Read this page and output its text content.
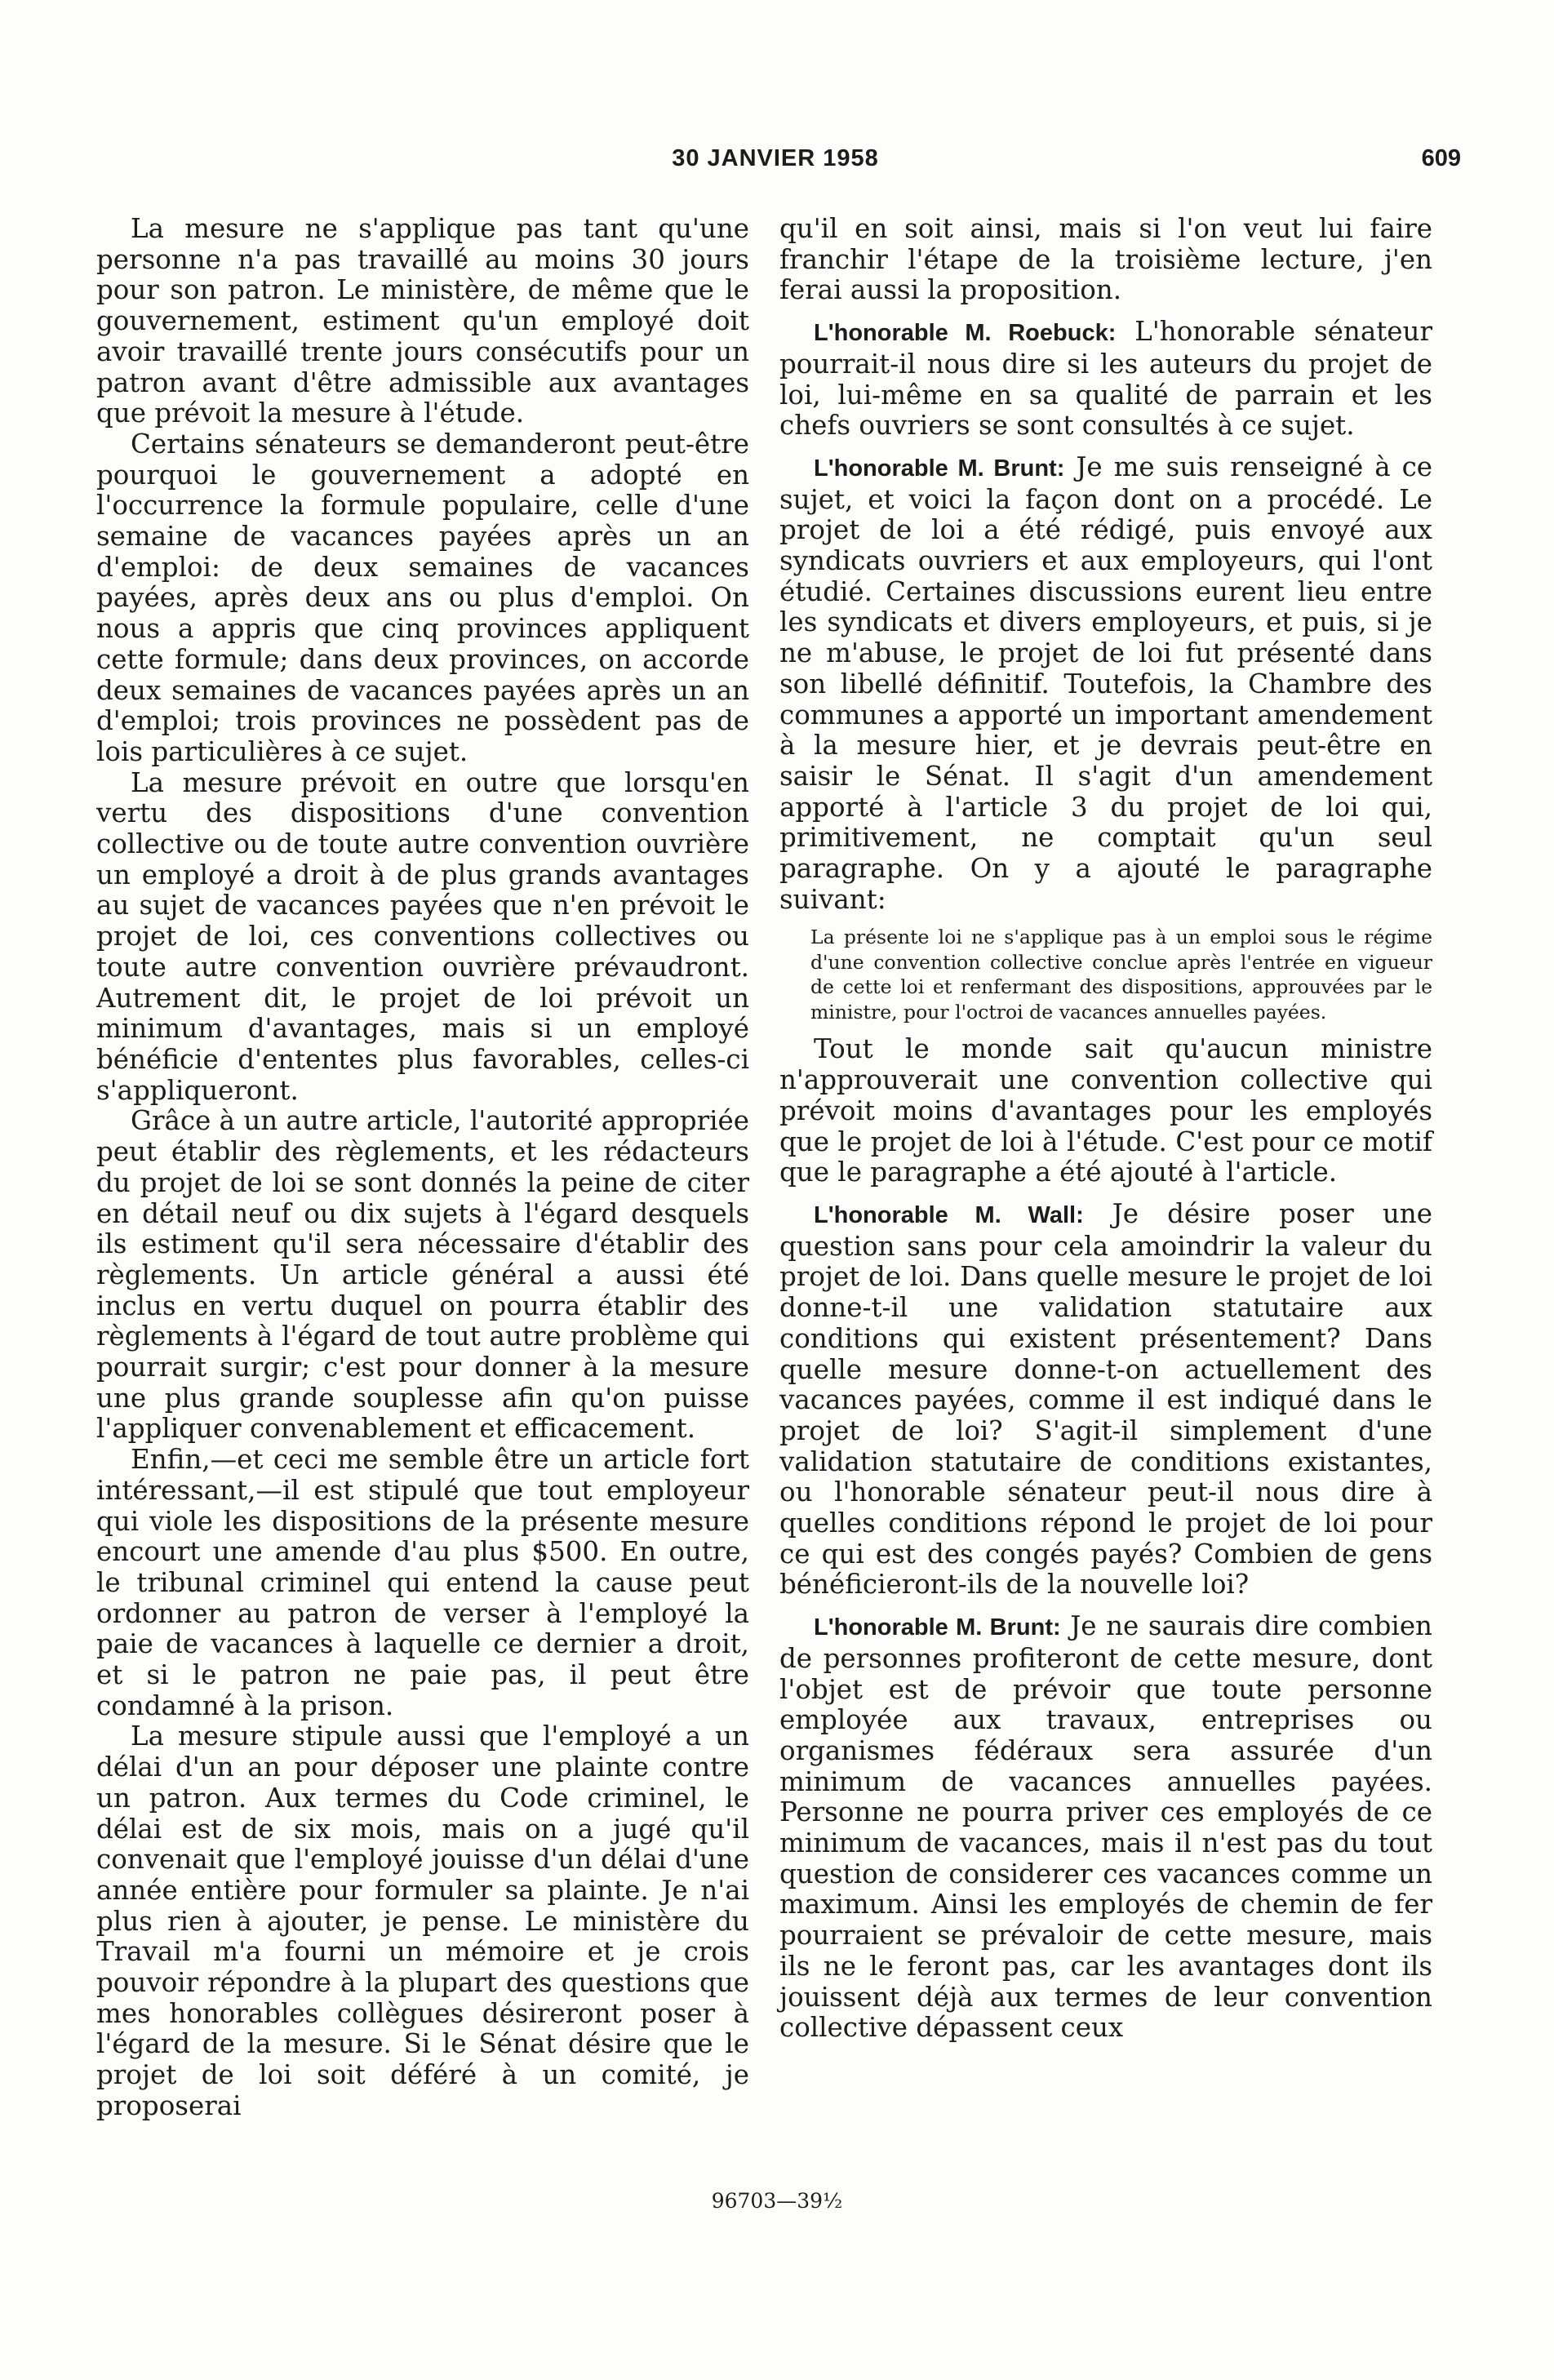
30 JANVIER 1958	609

La mesure ne s'applique pas tant qu'une personne n'a pas travaillé au moins 30 jours pour son patron. Le ministère, de même que le gouvernement, estiment qu'un employé doit avoir travaillé trente jours consécutifs pour un patron avant d'être admissible aux avantages que prévoit la mesure à l'étude.

Certains sénateurs se demanderont peut-être pourquoi le gouvernement a adopté en l'occurrence la formule populaire, celle d'une semaine de vacances payées après un an d'emploi: de deux semaines de vacances payées, après deux ans ou plus d'emploi. On nous a appris que cinq provinces appliquent cette formule; dans deux provinces, on accorde deux semaines de vacances payées après un an d'emploi; trois provinces ne possèdent pas de lois particulières à ce sujet.

La mesure prévoit en outre que lorsqu'en vertu des dispositions d'une convention collective ou de toute autre convention ouvrière un employé a droit à de plus grands avantages au sujet de vacances payées que n'en prévoit le projet de loi, ces conventions collectives ou toute autre convention ouvrière prévaudront. Autrement dit, le projet de loi prévoit un minimum d'avantages, mais si un employé bénéficie d'ententes plus favorables, celles-ci s'appliqueront.

Grâce à un autre article, l'autorité appropriée peut établir des règlements, et les rédacteurs du projet de loi se sont donnés la peine de citer en détail neuf ou dix sujets à l'égard desquels ils estiment qu'il sera nécessaire d'établir des règlements. Un article général a aussi été inclus en vertu duquel on pourra établir des règlements à l'égard de tout autre problème qui pourrait surgir; c'est pour donner à la mesure une plus grande souplesse afin qu'on puisse l'appliquer convenablement et efficacement.

Enfin,—et ceci me semble être un article fort intéressant,—il est stipulé que tout employeur qui viole les dispositions de la présente mesure encourt une amende d'au plus $500. En outre, le tribunal criminel qui entend la cause peut ordonner au patron de verser à l'employé la paie de vacances à laquelle ce dernier a droit, et si le patron ne paie pas, il peut être condamné à la prison.

La mesure stipule aussi que l'employé a un délai d'un an pour déposer une plainte contre un patron. Aux termes du Code criminel, le délai est de six mois, mais on a jugé qu'il convenait que l'employé jouisse d'un délai d'une année entière pour formuler sa plainte. Je n'ai plus rien à ajouter, je pense. Le ministère du Travail m'a fourni un mémoire et je crois pouvoir répondre à la plupart des questions que mes honorables collègues désireront poser à l'égard de la mesure. Si le Sénat désire que le projet de loi soit déféré à un comité, je proposerai

qu'il en soit ainsi, mais si l'on veut lui faire franchir l'étape de la troisième lecture, j'en ferai aussi la proposition.

L'honorable M. Roebuck: L'honorable sénateur pourrait-il nous dire si les auteurs du projet de loi, lui-même en sa qualité de parrain et les chefs ouvriers se sont consultés à ce sujet.

L'honorable M. Brunt: Je me suis renseigné à ce sujet, et voici la façon dont on a procédé. Le projet de loi a été rédigé, puis envoyé aux syndicats ouvriers et aux employeurs, qui l'ont étudié. Certaines discussions eurent lieu entre les syndicats et divers employeurs, et puis, si je ne m'abuse, le projet de loi fut présenté dans son libellé définitif. Toutefois, la Chambre des communes a apporté un important amendement à la mesure hier, et je devrais peut-être en saisir le Sénat. Il s'agit d'un amendement apporté à l'article 3 du projet de loi qui, primitivement, ne comptait qu'un seul paragraphe. On y a ajouté le paragraphe suivant:

La présente loi ne s'applique pas à un emploi sous le régime d'une convention collective conclue après l'entrée en vigueur de cette loi et renfermant des dispositions, approuvées par le ministre, pour l'octroi de vacances annuelles payées.

Tout le monde sait qu'aucun ministre n'approuverait une convention collective qui prévoit moins d'avantages pour les employés que le projet de loi à l'étude. C'est pour ce motif que le paragraphe a été ajouté à l'article.

L'honorable M. Wall: Je désire poser une question sans pour cela amoindrir la valeur du projet de loi. Dans quelle mesure le projet de loi donne-t-il une validation statutaire aux conditions qui existent présentement? Dans quelle mesure donne-t-on actuellement des vacances payées, comme il est indiqué dans le projet de loi? S'agit-il simplement d'une validation statutaire de conditions existantes, ou l'honorable sénateur peut-il nous dire à quelles conditions répond le projet de loi pour ce qui est des congés payés? Combien de gens bénéficieront-ils de la nouvelle loi?

L'honorable M. Brunt: Je ne saurais dire combien de personnes profiteront de cette mesure, dont l'objet est de prévoir que toute personne employée aux travaux, entreprises ou organismes fédéraux sera assurée d'un minimum de vacances annuelles payées. Personne ne pourra priver ces employés de ce minimum de vacances, mais il n'est pas du tout question de considerer ces vacances comme un maximum. Ainsi les employés de chemin de fer pourraient se prévaloir de cette mesure, mais ils ne le feront pas, car les avantages dont ils jouissent déjà aux termes de leur convention collective dépassent ceux

96703—39½
